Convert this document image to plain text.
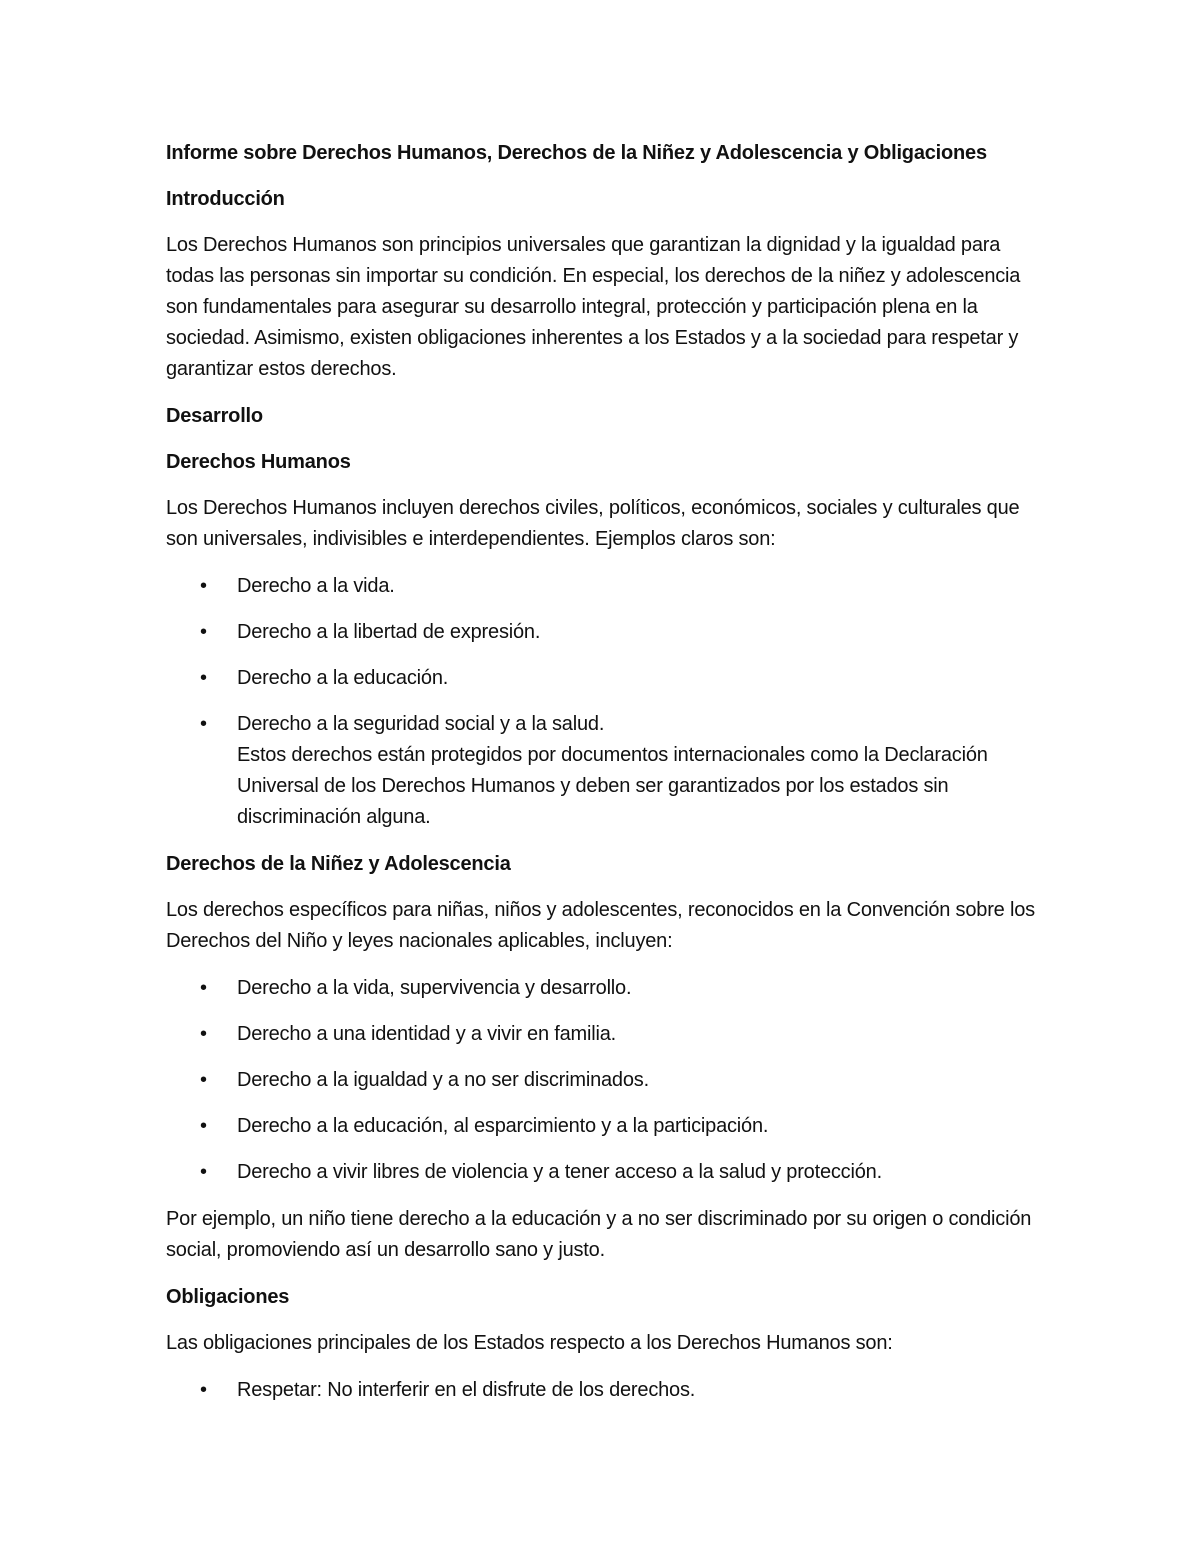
Informe sobre Derechos Humanos, Derechos de la Niñez y Adolescencia y Obligaciones
Introducción
Los Derechos Humanos son principios universales que garantizan la dignidad y la igualdad para todas las personas sin importar su condición. En especial, los derechos de la niñez y adolescencia son fundamentales para asegurar su desarrollo integral, protección y participación plena en la sociedad. Asimismo, existen obligaciones inherentes a los Estados y a la sociedad para respetar y garantizar estos derechos.
Desarrollo
Derechos Humanos
Los Derechos Humanos incluyen derechos civiles, políticos, económicos, sociales y culturales que son universales, indivisibles e interdependientes. Ejemplos claros son:
• Derecho a la vida.
• Derecho a la libertad de expresión.
• Derecho a la educación.
• Derecho a la seguridad social y a la salud.
Estos derechos están protegidos por documentos internacionales como la Declaración Universal de los Derechos Humanos y deben ser garantizados por los estados sin discriminación alguna.
Derechos de la Niñez y Adolescencia
Los derechos específicos para niñas, niños y adolescentes, reconocidos en la Convención sobre los Derechos del Niño y leyes nacionales aplicables, incluyen:
• Derecho a la vida, supervivencia y desarrollo.
• Derecho a una identidad y a vivir en familia.
• Derecho a la igualdad y a no ser discriminados.
• Derecho a la educación, al esparcimiento y a la participación.
• Derecho a vivir libres de violencia y a tener acceso a la salud y protección.
Por ejemplo, un niño tiene derecho a la educación y a no ser discriminado por su origen o condición social, promoviendo así un desarrollo sano y justo.
Obligaciones
Las obligaciones principales de los Estados respecto a los Derechos Humanos son:
• Respetar: No interferir en el disfrute de los derechos.
